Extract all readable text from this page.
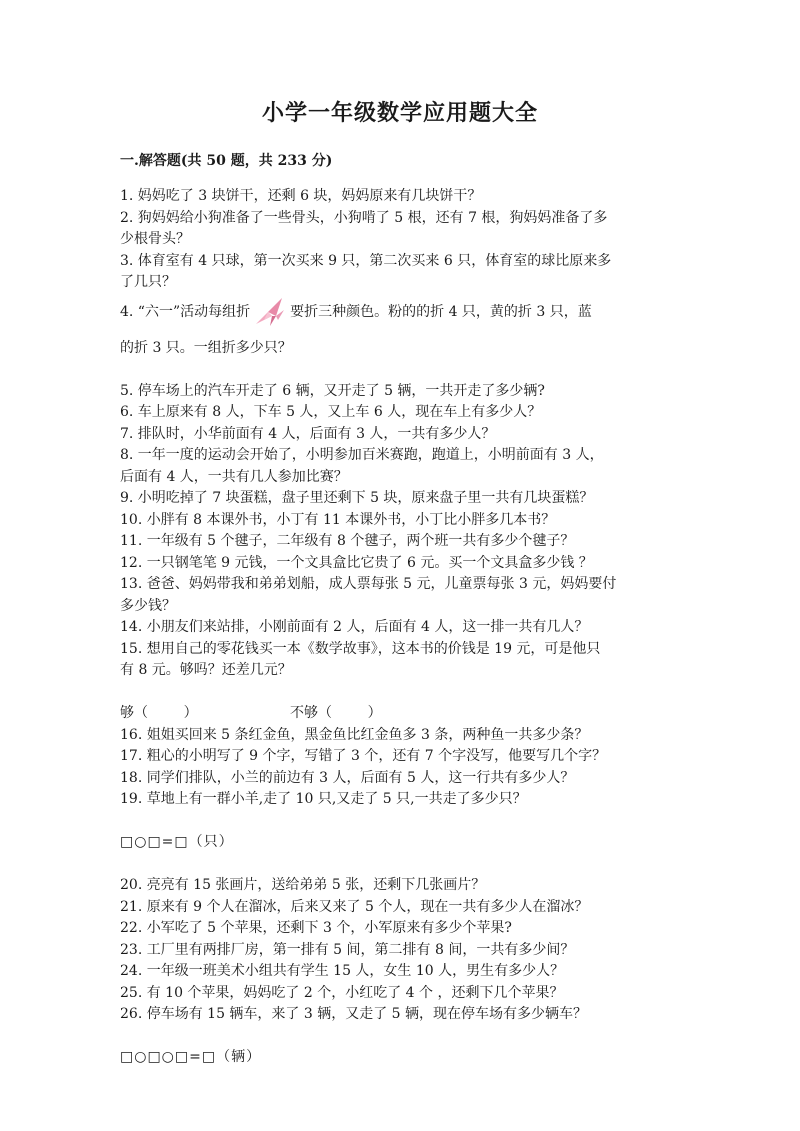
小学一年级数学应用题大全
一.解答题(共 50 题，共 233 分)

1. 妈妈吃了 3 块饼干，还剩 6 块，妈妈原来有几块饼干？

2. 狗妈妈给小狗准备了一些骨头，小狗啃了 5 根，还有 7 根，狗妈妈准备了多

少根骨头？

3. 体育室有 4 只球，第一次买来 9 只，第二次买来 6 只，体育室的球比原来多

了几只？

4. “六一”活动每组折	要折三种颜色。粉的的折 4 只，黄的折 3 只，蓝

的折 3 只。一组折多少只？

5. 停车场上的汽车开走了 6 辆，又开走了 5 辆，一共开走了多少辆?

6. 车上原来有 8 人，下车 5 人，又上车 6 人，现在车上有多少人？

7. 排队时，小华前面有 4 人，后面有 3 人，一共有多少人？

8. 一年一度的运动会开始了，小明参加百米赛跑，跑道上，小明前面有 3 人，

后面有 4 人，一共有几人参加比赛？

9. 小明吃掉了 7 块蛋糕，盘子里还剩下 5 块，原来盘子里一共有几块蛋糕？

10. 小胖有 8 本课外书，小丁有 11 本课外书，小丁比小胖多几本书？

11. 一年级有 5 个毽子，二年级有 8 个毽子，两个班一共有多少个毽子？

12. 一只钢笔笔 9 元钱，一个文具盒比它贵了 6 元。买一个文具盒多少钱 ？

13. 爸爸、妈妈带我和弟弟划船，成人票每张 5 元，儿童票每张 3 元，妈妈要付

多少钱？

14. 小朋友们来站排，小刚前面有 2 人，后面有 4 人，这一排一共有几人？

15. 想用自己的零花钱买一本《数学故事》，这本书的价钱是 19 元，可是他只

有 8 元。够吗？还差几元？

够（        ）	不够（        ）

16. 姐姐买回来 5 条红金鱼，黑金鱼比红金鱼多 3 条，两种鱼一共多少条？

17. 粗心的小明写了 9 个字，写错了 3 个，还有 7 个字没写，他要写几个字？

18. 同学们排队，小兰的前边有 3 人，后面有 5 人，这一行共有多少人？

19. 草地上有一群小羊,走了 10 只,又走了 5 只,一共走了多少只？

□○□=□（只）

20. 亮亮有 15 张画片，送给弟弟 5 张，还剩下几张画片？

21. 原来有 9 个人在溜冰，后来又来了 5 个人，现在一共有多少人在溜冰？

22. 小军吃了 5 个苹果，还剩下 3 个，小军原来有多少个苹果?

23. 工厂里有两排厂房，第一排有 5 间，第二排有 8 间，一共有多少间？

24. 一年级一班美术小组共有学生 15 人，女生 10 人，男生有多少人？

25. 有 10 个苹果，妈妈吃了 2 个，小红吃了 4 个 ，还剩下几个苹果？

26. 停车场有 15 辆车，来了 3 辆，又走了 5 辆，现在停车场有多少辆车？

□○□○□=□（辆）
